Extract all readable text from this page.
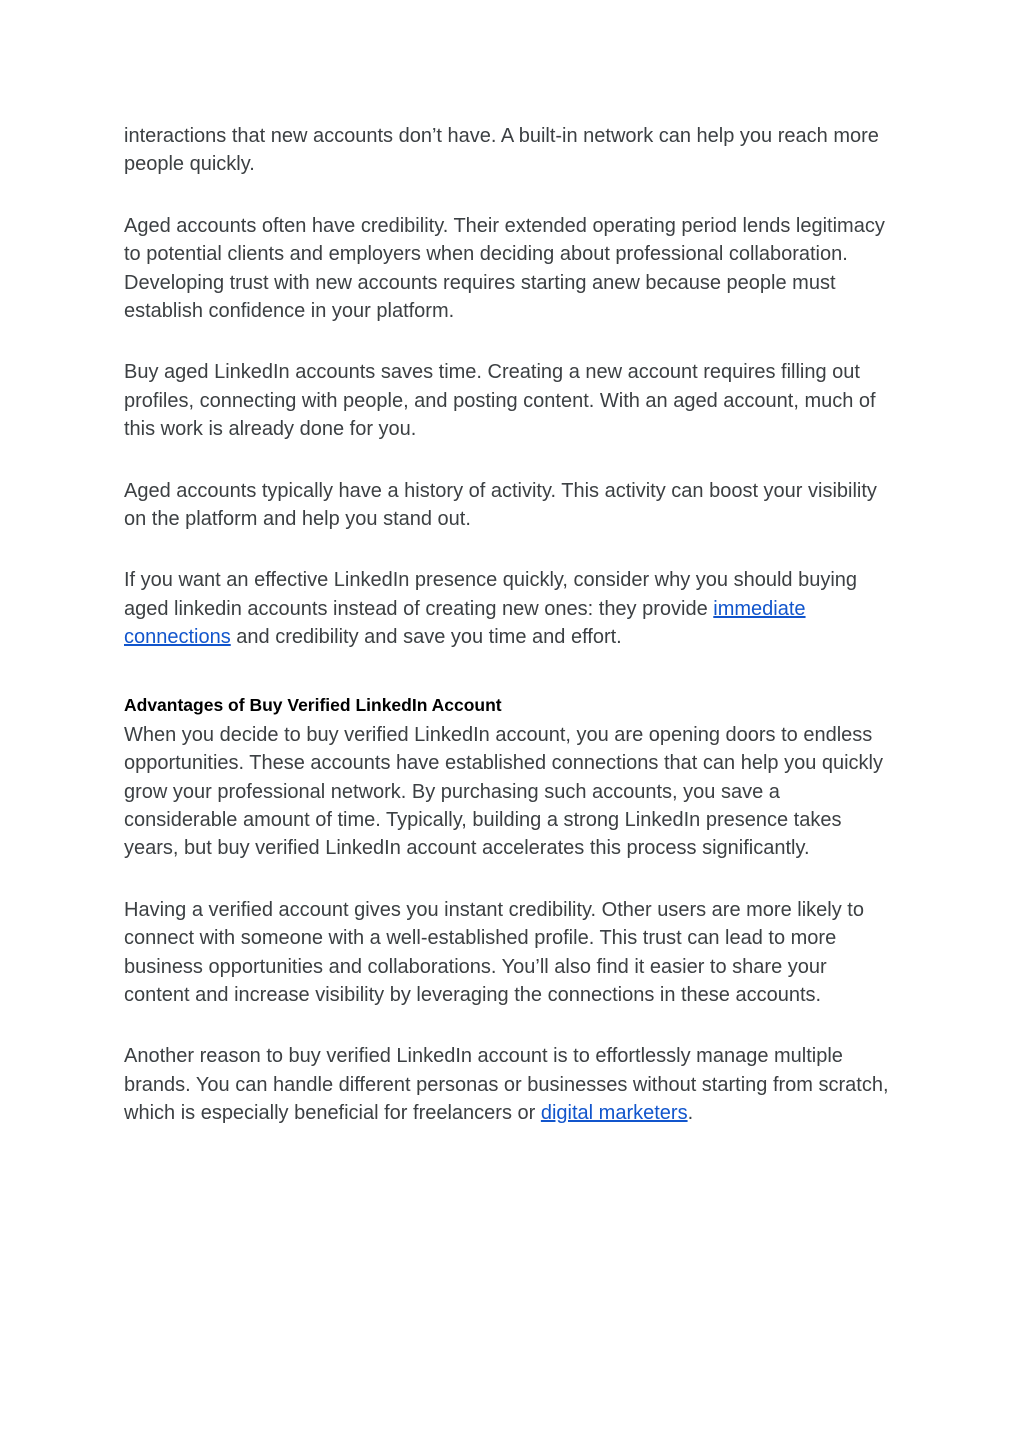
interactions that new accounts don’t have. A built-in network can help you reach more people quickly.

Aged accounts often have credibility. Their extended operating period lends legitimacy to potential clients and employers when deciding about professional collaboration. Developing trust with new accounts requires starting anew because people must establish confidence in your platform.

Buy aged LinkedIn accounts saves time. Creating a new account requires filling out profiles, connecting with people, and posting content. With an aged account, much of this work is already done for you.

Aged accounts typically have a history of activity. This activity can boost your visibility on the platform and help you stand out.

If you want an effective LinkedIn presence quickly, consider why you should buying aged linkedin accounts instead of creating new ones: they provide immediate connections and credibility and save you time and effort.

Advantages of Buy Verified LinkedIn Account

When you decide to buy verified LinkedIn account, you are opening doors to endless opportunities. These accounts have established connections that can help you quickly grow your professional network. By purchasing such accounts, you save a considerable amount of time. Typically, building a strong LinkedIn presence takes years, but buy verified LinkedIn account accelerates this process significantly.

Having a verified account gives you instant credibility. Other users are more likely to connect with someone with a well-established profile. This trust can lead to more business opportunities and collaborations. You’ll also find it easier to share your content and increase visibility by leveraging the connections in these accounts.

Another reason to buy verified LinkedIn account is to effortlessly manage multiple brands. You can handle different personas or businesses without starting from scratch, which is especially beneficial for freelancers or digital marketers.
